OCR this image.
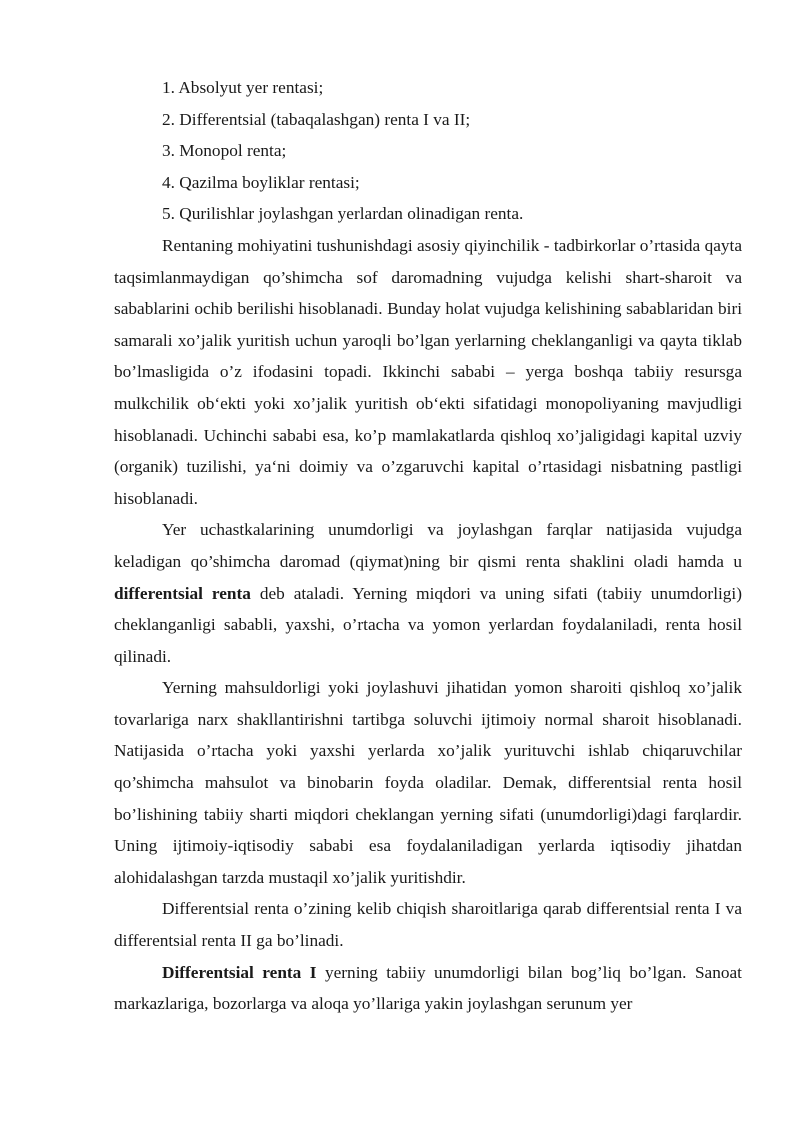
1. Absolyut yer rentasi;

2. Differentsial (tabaqalashgan) renta I va II;

3. Monopol renta;

4. Qazilma boyliklar rentasi;

5. Qurilishlar joylashgan yerlardan olinadigan renta.

Rentaning mohiyatini tushunishdagi asosiy qiyinchilik - tadbirkorlar o’rtasida qayta taqsimlanmaydigan qo’shimcha sof daromadning vujudga kelishi shart-sharoit va sabablarini ochib berilishi hisoblanadi. Bunday holat vujudga kelishining sabablaridan biri samarali xo’jalik yuritish uchun yaroqli bo’lgan yerlarning cheklanganligi va qayta tiklab bo’lmasligida o’z ifodasini topadi. Ikkinchi sababi – yerga boshqa tabiiy resursga mulkchilik ob‘ekti yoki xo’jalik yuritish ob‘ekti sifatidagi monopoliyaning mavjudligi hisoblanadi. Uchinchi sababi esa, ko’p mamlakatlarda qishloq xo’jaligidagi kapital uzviy (organik) tuzilishi, ya‘ni doimiy va o’zgaruvchi kapital o’rtasidagi nisbatning pastligi hisoblanadi.

Yer uchastkalarining unumdorligi va joylashgan farqlar natijasida vujudga keladigan qo’shimcha daromad (qiymat)ning bir qismi renta shaklini oladi hamda u differentsial renta deb ataladi. Yerning miqdori va uning sifati (tabiiy unumdorligi) cheklanganligi sababli, yaxshi, o’rtacha va yomon yerlardan foydalaniladi, renta hosil qilinadi.

Yerning mahsuldorligi yoki joylashuvi jihatidan yomon sharoiti qishloq xo’jalik tovarlariga narx shakllantirishni tartibga soluvchi ijtimoiy normal sharoit hisoblanadi. Natijasida o’rtacha yoki yaxshi yerlarda xo’jalik yurituvchi ishlab chiqaruvchilar qo’shimcha mahsulot va binobarin foyda oladilar. Demak, differentsial renta hosil bo’lishining tabiiy sharti miqdori cheklangan yerning sifati (unumdorligi)dagi farqlardir. Uning ijtimoiy-iqtisodiy sababi esa foydalaniladigan yerlarda iqtisodiy jihatdan alohidalashgan tarzda mustaqil xo’jalik yuritishdir.

Differentsial renta o’zining kelib chiqish sharoitlariga qarab differentsial renta I va differentsial renta II ga bo’linadi.

Differentsial renta I yerning tabiiy unumdorligi bilan bog’liq bo’lgan. Sanoat markazlariga, bozorlarga va aloqa yo’llariga yakin joylashgan serunum yer
